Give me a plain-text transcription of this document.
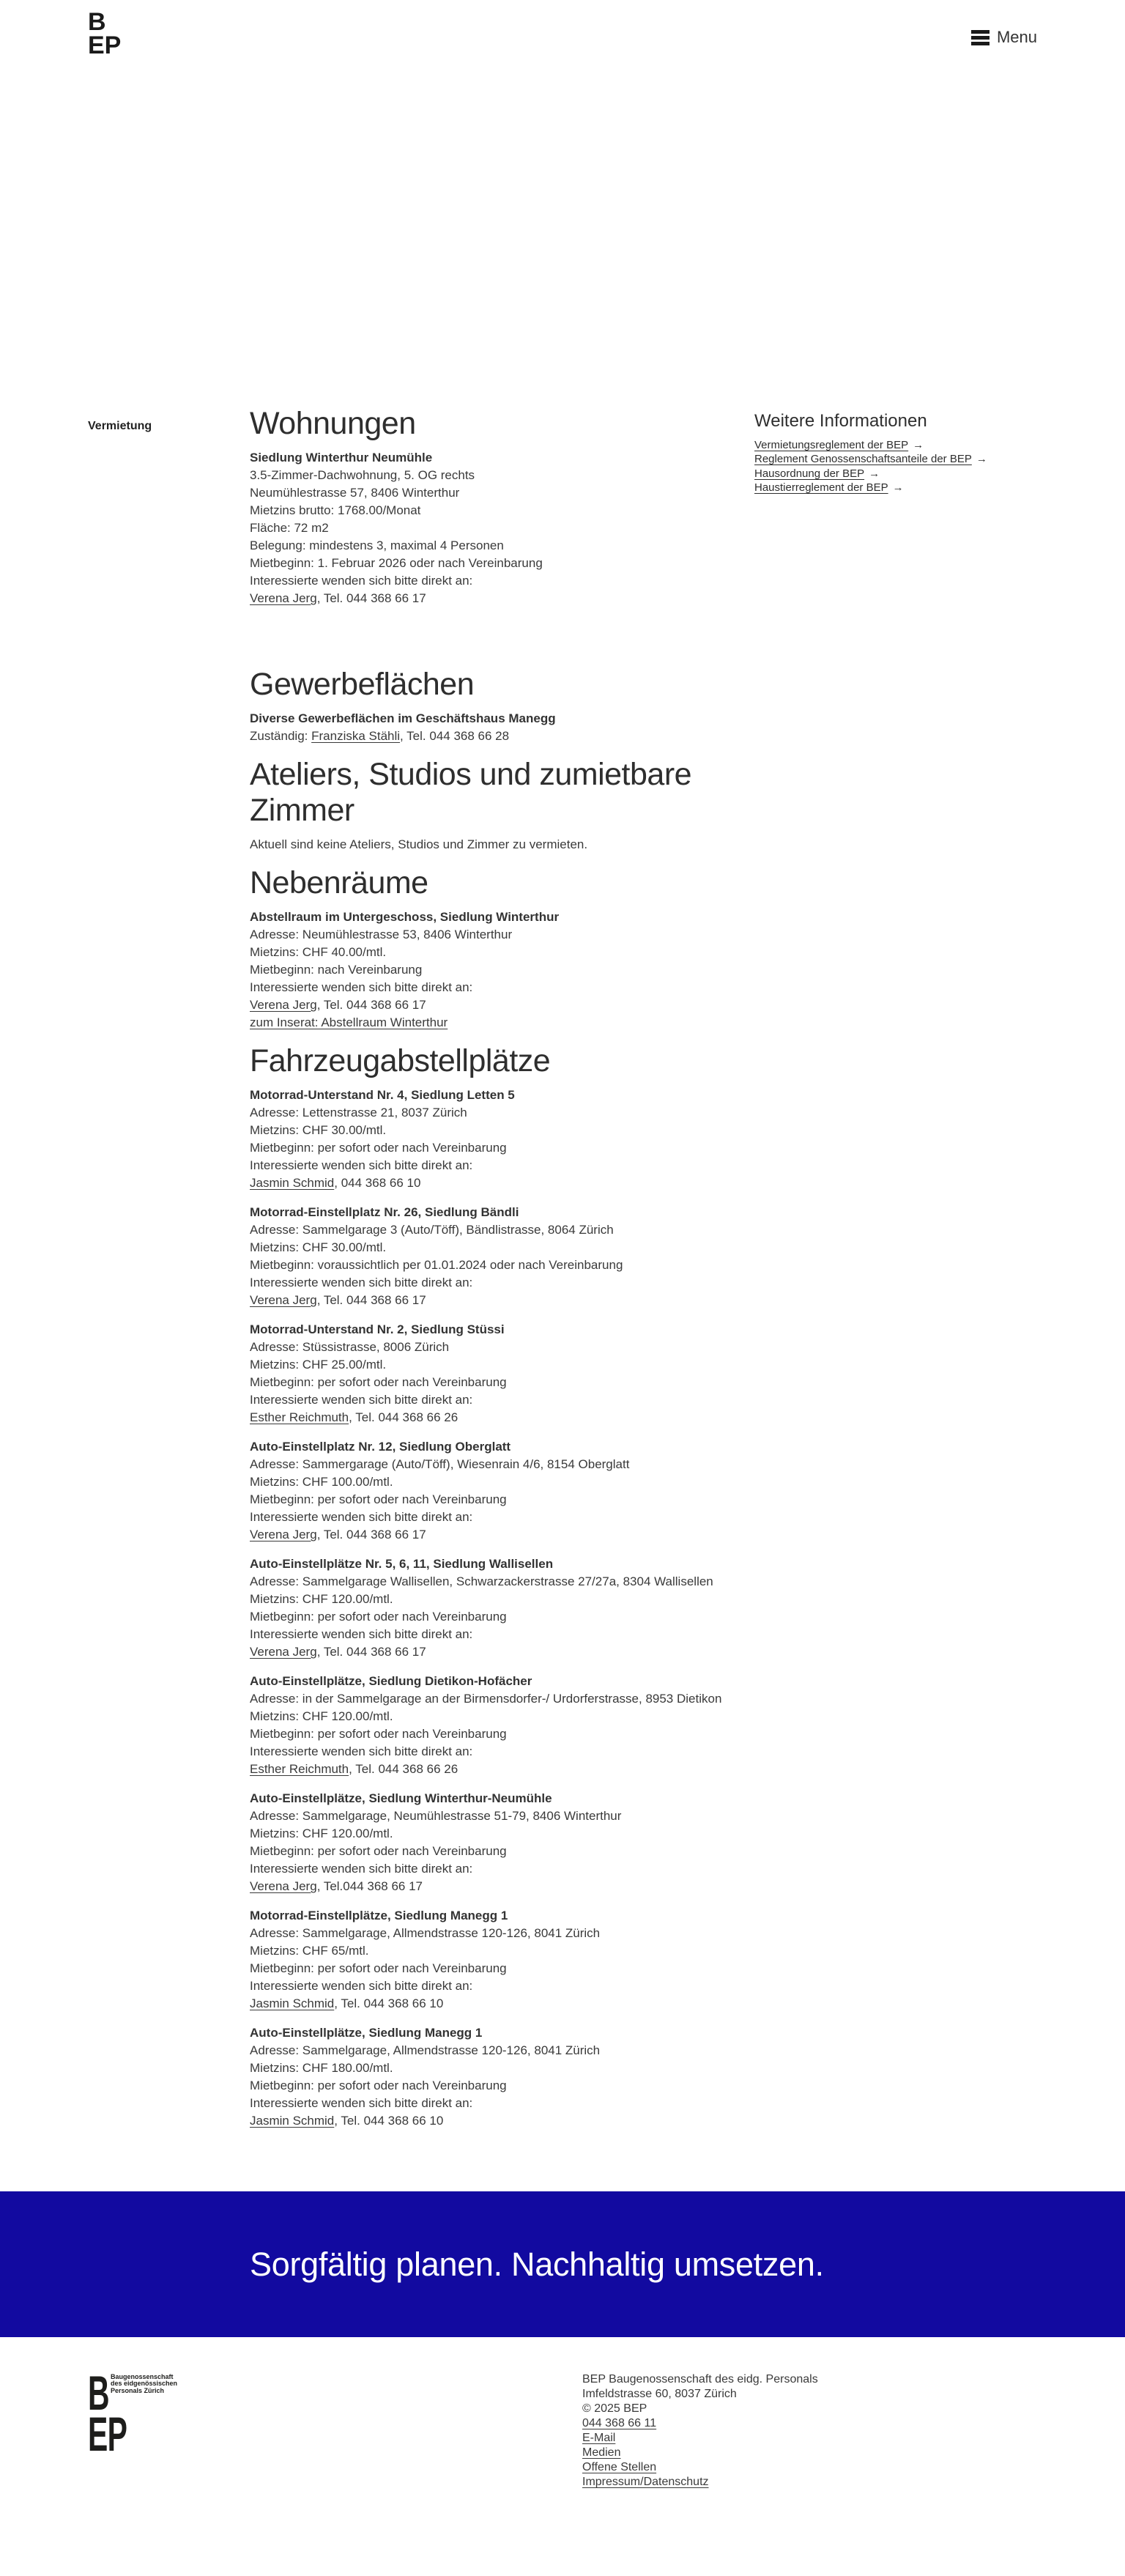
B
EP	Menu
Vermietung	Wohnungen

Siedlung Winterthur Neumühle

3.5-Zimmer-Dachwohnung, 5. OG rechts

Neumühlestrasse 57, 8406 Winterthur

Mietzins brutto: 1768.00/Monat

Fläche: 72 m2

Belegung: mindestens 3, maximal 4 Personen

Mietbeginn: 1. Februar 2026 oder nach Vereinbarung

Interessierte wenden sich bitte direkt an:

Verena Jerg, Tel. 044 368 66 17

Gewerbeflächen

Diverse Gewerbeflächen im Geschäftshaus Manegg

Zuständig: Franziska Stähli, Tel. 044 368 66 28

Ateliers, Studios und zumietbare Zimmer

Aktuell sind keine Ateliers, Studios und Zimmer zu vermieten.

Nebenräume

Abstellraum im Untergeschoss, Siedlung Winterthur

Adresse: Neumühlestrasse 53, 8406 Winterthur

Mietzins: CHF 40.00/mtl.

Mietbeginn: nach Vereinbarung

Interessierte wenden sich bitte direkt an:

Verena Jerg, Tel. 044 368 66 17

zum Inserat: Abstellraum Winterthur

Fahrzeugabstellplätze

Motorrad-Unterstand Nr. 4, Siedlung Letten 5

Adresse: Lettenstrasse 21, 8037 Zürich

Mietzins: CHF 30.00/mtl.

Mietbeginn: per sofort oder nach Vereinbarung

Interessierte wenden sich bitte direkt an:

Jasmin Schmid, 044 368 66 10

Motorrad-Einstellplatz Nr. 26, Siedlung Bändli

Adresse: Sammelgarage 3 (Auto/Töff), Bändlistrasse, 8064 Zürich

Mietzins: CHF 30.00/mtl.

Mietbeginn: voraussichtlich per 01.01.2024 oder nach Vereinbarung

Interessierte wenden sich bitte direkt an:

Verena Jerg, Tel. 044 368 66 17

Motorrad-Unterstand Nr. 2, Siedlung Stüssi

Adresse: Stüssistrasse, 8006 Zürich

Mietzins: CHF 25.00/mtl.

Mietbeginn: per sofort oder nach Vereinbarung

Interessierte wenden sich bitte direkt an:

Esther Reichmuth, Tel. 044 368 66 26

Auto-Einstellplatz Nr. 12, Siedlung Oberglatt

Adresse: Sammergarage (Auto/Töff), Wiesenrain 4/6, 8154 Oberglatt

Mietzins: CHF 100.00/mtl.

Mietbeginn: per sofort oder nach Vereinbarung

Interessierte wenden sich bitte direkt an:

Verena Jerg, Tel. 044 368 66 17

Auto-Einstellplätze Nr. 5, 6, 11, Siedlung Wallisellen

Adresse: Sammelgarage Wallisellen, Schwarzackerstrasse 27/27a, 8304 Wallisellen

Mietzins: CHF 120.00/mtl.

Mietbeginn: per sofort oder nach Vereinbarung

Interessierte wenden sich bitte direkt an:

Verena Jerg, Tel. 044 368 66 17

Auto-Einstellplätze, Siedlung Dietikon-Hofächer

Adresse: in der Sammelgarage an der Birmensdorfer-/ Urdorferstrasse, 8953 Dietikon

Mietzins: CHF 120.00/mtl.

Mietbeginn: per sofort oder nach Vereinbarung

Interessierte wenden sich bitte direkt an:

Esther Reichmuth, Tel. 044 368 66 26

Auto-Einstellplätze, Siedlung Winterthur-Neumühle

Adresse: Sammelgarage, Neumühlestrasse 51-79, 8406 Winterthur

Mietzins: CHF 120.00/mtl.

Mietbeginn: per sofort oder nach Vereinbarung

Interessierte wenden sich bitte direkt an:

Verena Jerg, Tel.044 368 66 17

Motorrad-Einstellplätze, Siedlung Manegg 1

Adresse: Sammelgarage, Allmendstrasse 120-126, 8041 Zürich

Mietzins: CHF 65/mtl.

Mietbeginn: per sofort oder nach Vereinbarung

Interessierte wenden sich bitte direkt an:

Jasmin Schmid, Tel. 044 368 66 10

Auto-Einstellplätze, Siedlung Manegg 1

Adresse: Sammelgarage, Allmendstrasse 120-126, 8041 Zürich

Mietzins: CHF 180.00/mtl.

Mietbeginn: per sofort oder nach Vereinbarung

Interessierte wenden sich bitte direkt an:

Jasmin Schmid, Tel. 044 368 66 10

Weitere Informationen

Vermietungsreglement der BEP →

Reglement Genossenschaftsanteile der BEP →

Hausordnung der BEP →

Haustierreglement der BEP →

Sorgfältig planen. Nachhaltig umsetzen.
B
EP
Baugenossenschaft
des eidgenössischen
Personals Zürich

BEP Baugenossenschaft des eidg. Personals

Imfeldstrasse 60, 8037 Zürich

© 2025 BEP

044 368 66 11

E-Mail

Medien

Offene Stellen

Impressum/Datenschutz
